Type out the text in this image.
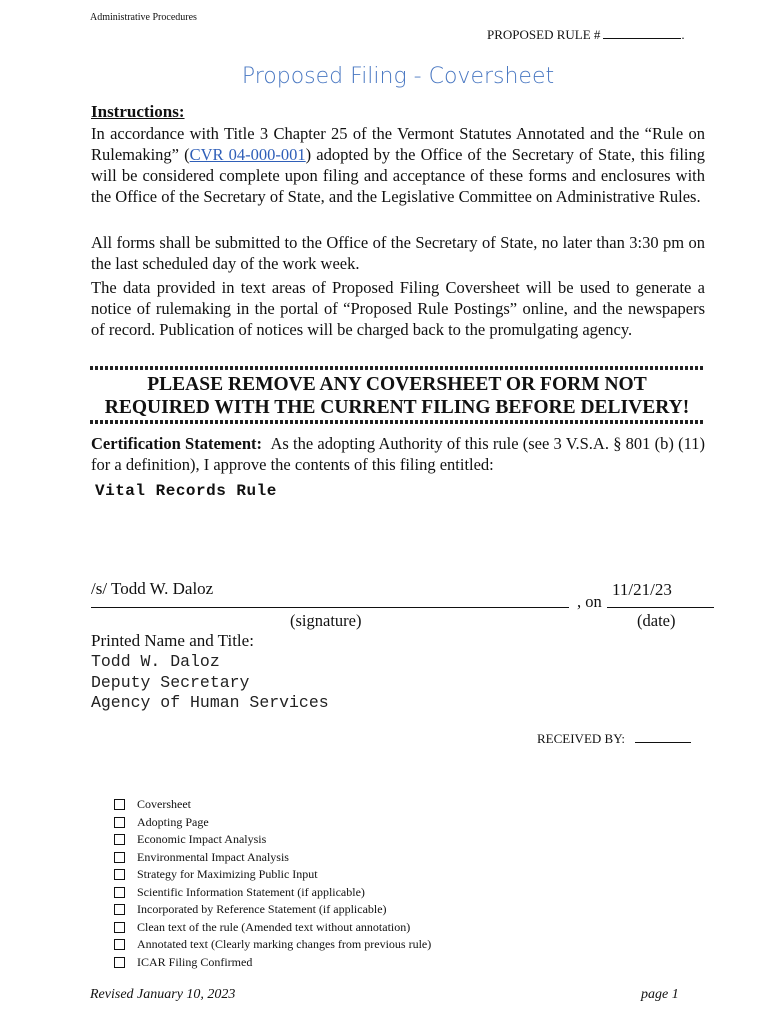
Administrative Procedures
PROPOSED RULE #	.
Proposed Filing - Coversheet
Instructions:
In accordance with Title 3 Chapter 25 of the Vermont Statutes Annotated and the “Rule on Rulemaking” (CVR 04-000-001) adopted by the Office of the Secretary of State, this filing will be considered complete upon filing and acceptance of these forms and enclosures with the Office of the Secretary of State, and the Legislative Committee on Administrative Rules.
All forms shall be submitted to the Office of the Secretary of State, no later than 3:30 pm on the last scheduled day of the work week.
The data provided in text areas of Proposed Filing Coversheet will be used to generate a notice of rulemaking in the portal of “Proposed Rule Postings” online, and the newspapers of record. Publication of notices will be charged back to the promulgating agency.
PLEASE REMOVE ANY COVERSHEET OR FORM NOT
REQUIRED WITH THE CURRENT FILING BEFORE DELIVERY!
Certification Statement: As the adopting Authority of this rule (see 3 V.S.A. § 801 (b) (11) for a definition), I approve the contents of this filing entitled:
Vital Records Rule
/s/ Todd W. Daloz
, on
11/21/23
(signature)	(date)
Printed Name and Title:
Todd W. Daloz
Deputy Secretary
Agency of Human Services
RECEIVED BY:
Coversheet
Adopting Page
Economic Impact Analysis
Environmental Impact Analysis
Strategy for Maximizing Public Input
Scientific Information Statement (if applicable)
Incorporated by Reference Statement (if applicable)
Clean text of the rule (Amended text without annotation)
Annotated text (Clearly marking changes from previous rule)
ICAR Filing Confirmed
Revised January 10, 2023	page 1
